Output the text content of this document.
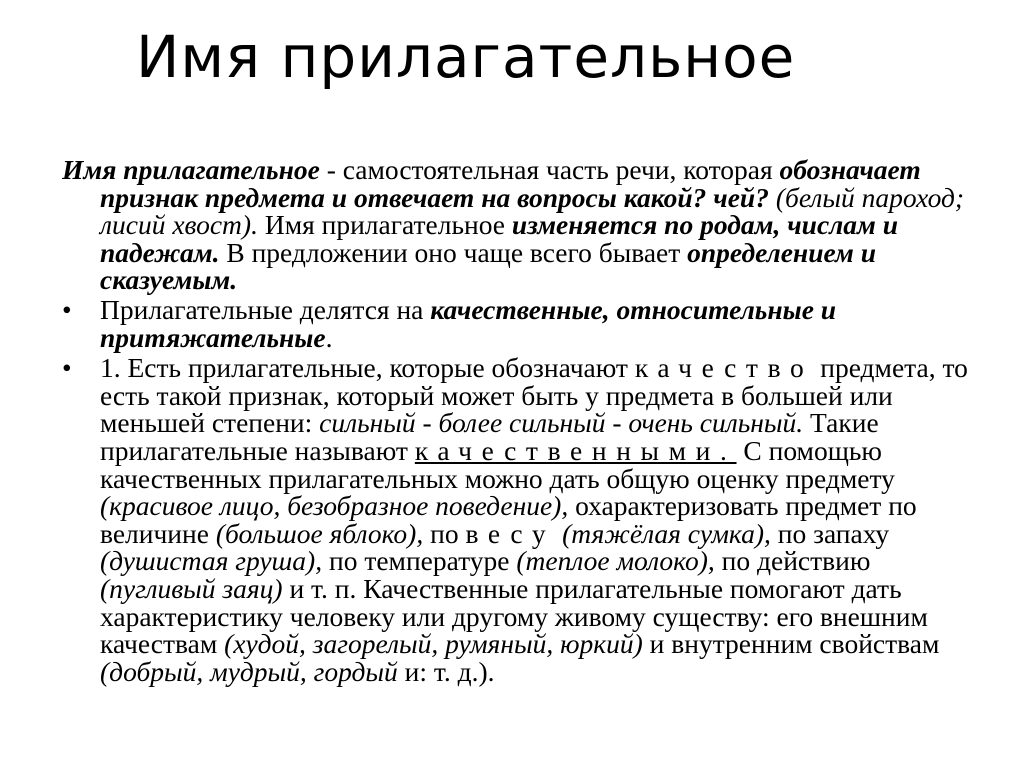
Имя прилагательное

Имя прилагательное - самостоятельная часть речи, которая обозначает признак предмета и отвечает на вопросы какой? чей? (белый пароход; лисий хвост). Имя прилагательное изменяется по родам, числам и падежам. В предложении оно чаще всего бывает определением и сказуемым.

•	Прилагательные делятся на качественные, относительные и притяжательные.
•	1. Есть прилагательные, которые обозначают качество предмета, то есть такой признак, который может быть у предмета в большей или меньшей степени: сильный - более сильный - очень сильный. Такие прилагательные называют качественными. С помощью качественных прилагательных можно дать общую оценку предмету (красивое лицо, безобразное поведение), охарактеризовать предмет по величине (большое яблоко), по весу (тяжёлая сумка), по запаху (душистая груша), по температуре (теплое молоко), по действию (пугливый заяц) и т. п. Качественные прилагательные помогают дать характеристику человеку или другому живому существу: его внешним качествам (худой, загорелый, румяный, юркий) и внутренним свойствам (добрый, мудрый, гордый и: т. д.).
